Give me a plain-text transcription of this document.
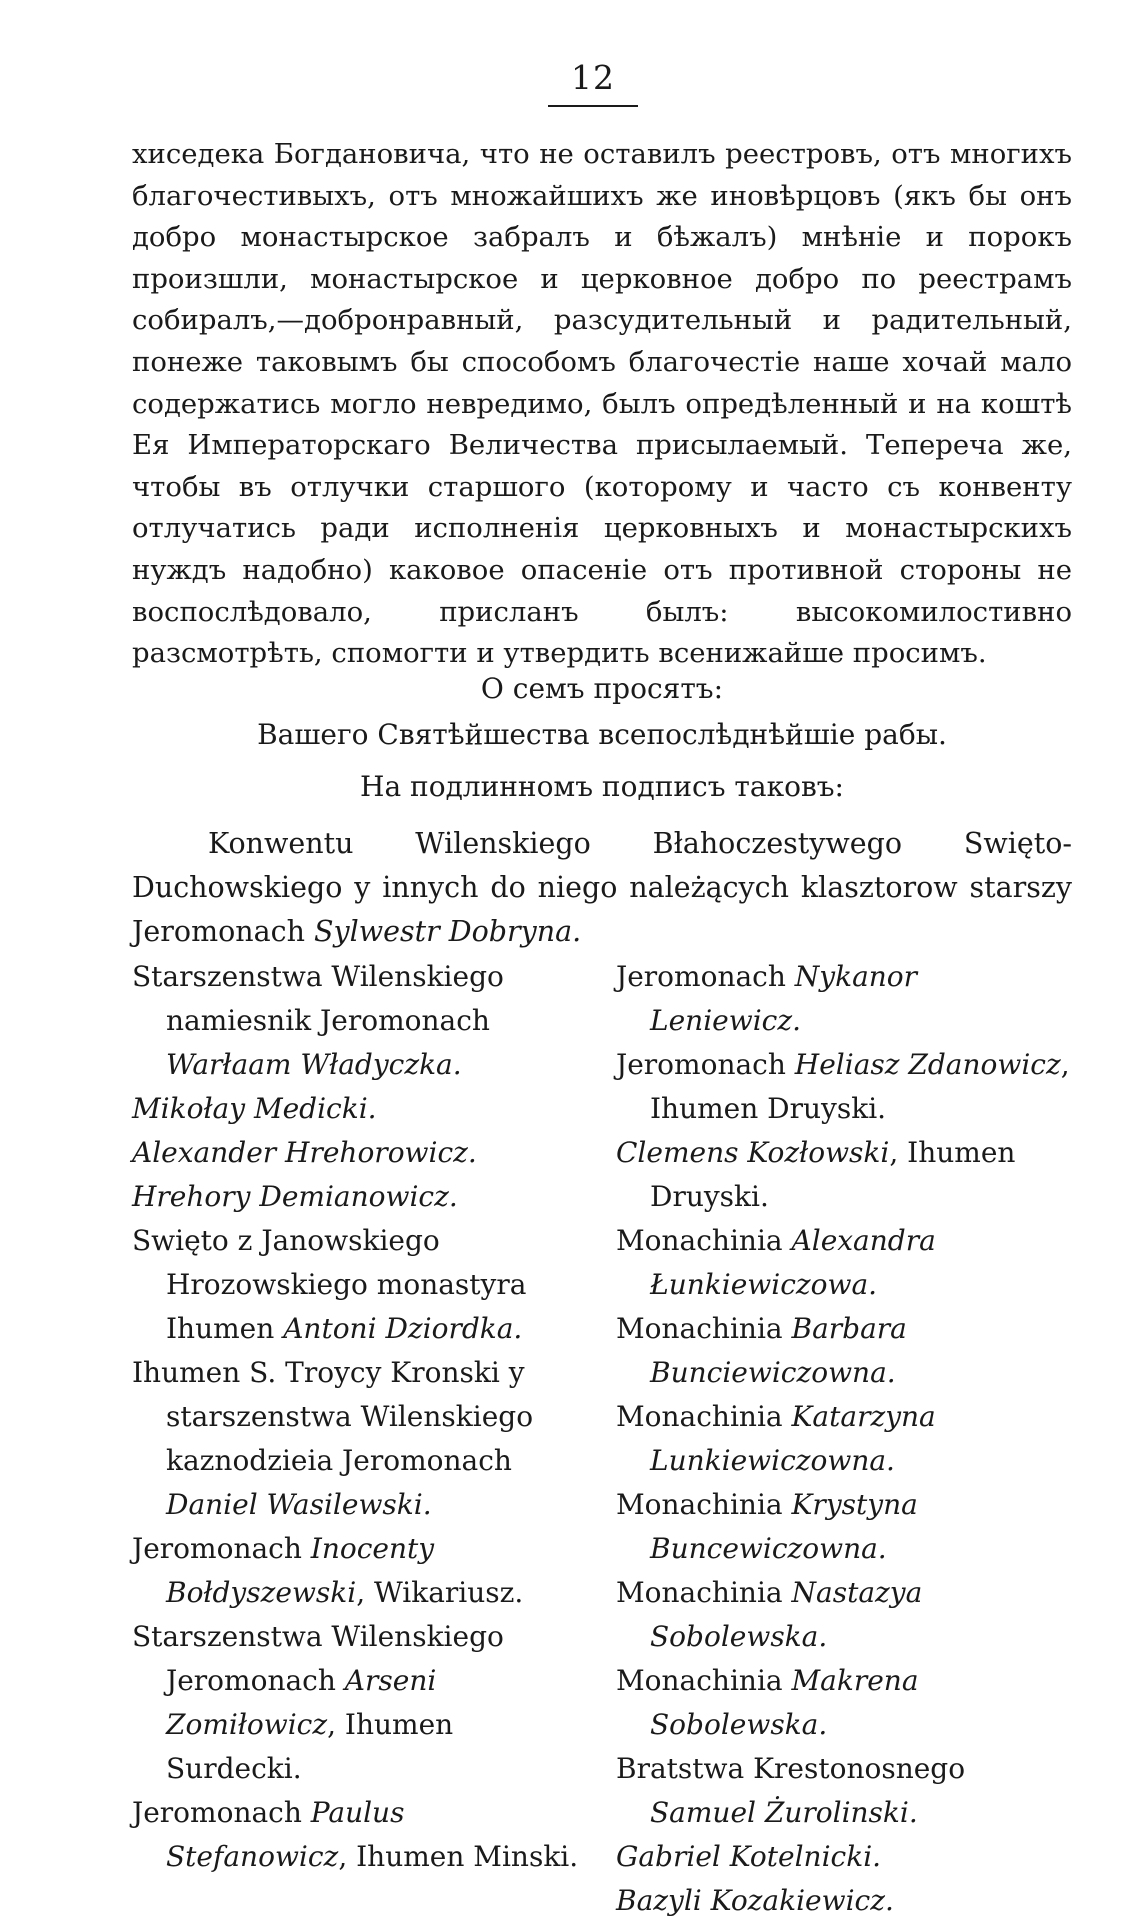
12

хиседека Богдановича, что не оставилъ реестровъ, отъ многихъ благочестивыхъ, отъ множайшихъ же иновѣрцовъ (якъ бы онъ добро монастырское забралъ и бѣжалъ) мнѣніе и порокъ произшли, монастырское и церковное добро по реестрамъ собиралъ,—добронравный, разсудительный и радительный, понеже таковымъ бы способомъ благочестіе наше хочай мало содержатись могло невредимо, былъ опредѣленный и на коштѣ Ея Императорскаго Величества присылаемый. Тепереча же, чтобы въ отлучки старшого (которому и часто съ конвенту отлучатись ради исполненія церковныхъ и монастырскихъ нуждъ надобно) каковое опасеніе отъ противной стороны не воспослѣдовало, присланъ былъ: высокомилостивно разсмотрѣть, спомогти и утвердить всенижайше просимъ.

О семъ просятъ:
Вашего Святѣйшества всепослѣднѣйшіе рабы.
На подлинномъ подписъ таковъ:
Konwentu Wilenskiego Błahoczestywego Swięto-Duchowskiego y innych do niego należących klasztorow starszy Jeromonach Sylwestr Dobryna.
Starszenstwa Wilenskiego namiesnik Jeromonach Warłaam Władyczka.
Mikołay Medicki.
Alexander Hrehorowicz.
Hrehory Demianowicz.
Swięto z Janowskiego Hrozowskiego monastyra Ihumen Antoni Dziordka.
Ihumen S. Troycy Kronski y starszenstwa Wilenskiego kaznodzieia Jeromonach Daniel Wasilewski.
Jeromonach Inocenty Bołdyszewski, Wikariusz.
Starszenstwa Wilenskiego Jeromonach Arseni Zomiłowicz, Ihumen Surdecki.
Jeromonach Paulus Stefanowicz, Ihumen Minski.
Jeromonach Nykanor Leniewicz.
Jeromonach Heliasz Zdanowicz, Ihumen Druyski.
Clemens Kozłowski, Ihumen Druyski.
Monachinia Alexandra Łunkiewiczowa.
Monachinia Barbara Bunciewiczowna.
Monachinia Katarzyna Lunkiewiczowna.
Monachinia Krystyna Buncewiczowna.
Monachinia Nastazya Sobolewska.
Monachinia Makrena Sobolewska.
Bratstwa Krestonosnego Samuel Żurolinski.
Gabriel Kotelnicki.
Bazyli Kozakiewicz.
